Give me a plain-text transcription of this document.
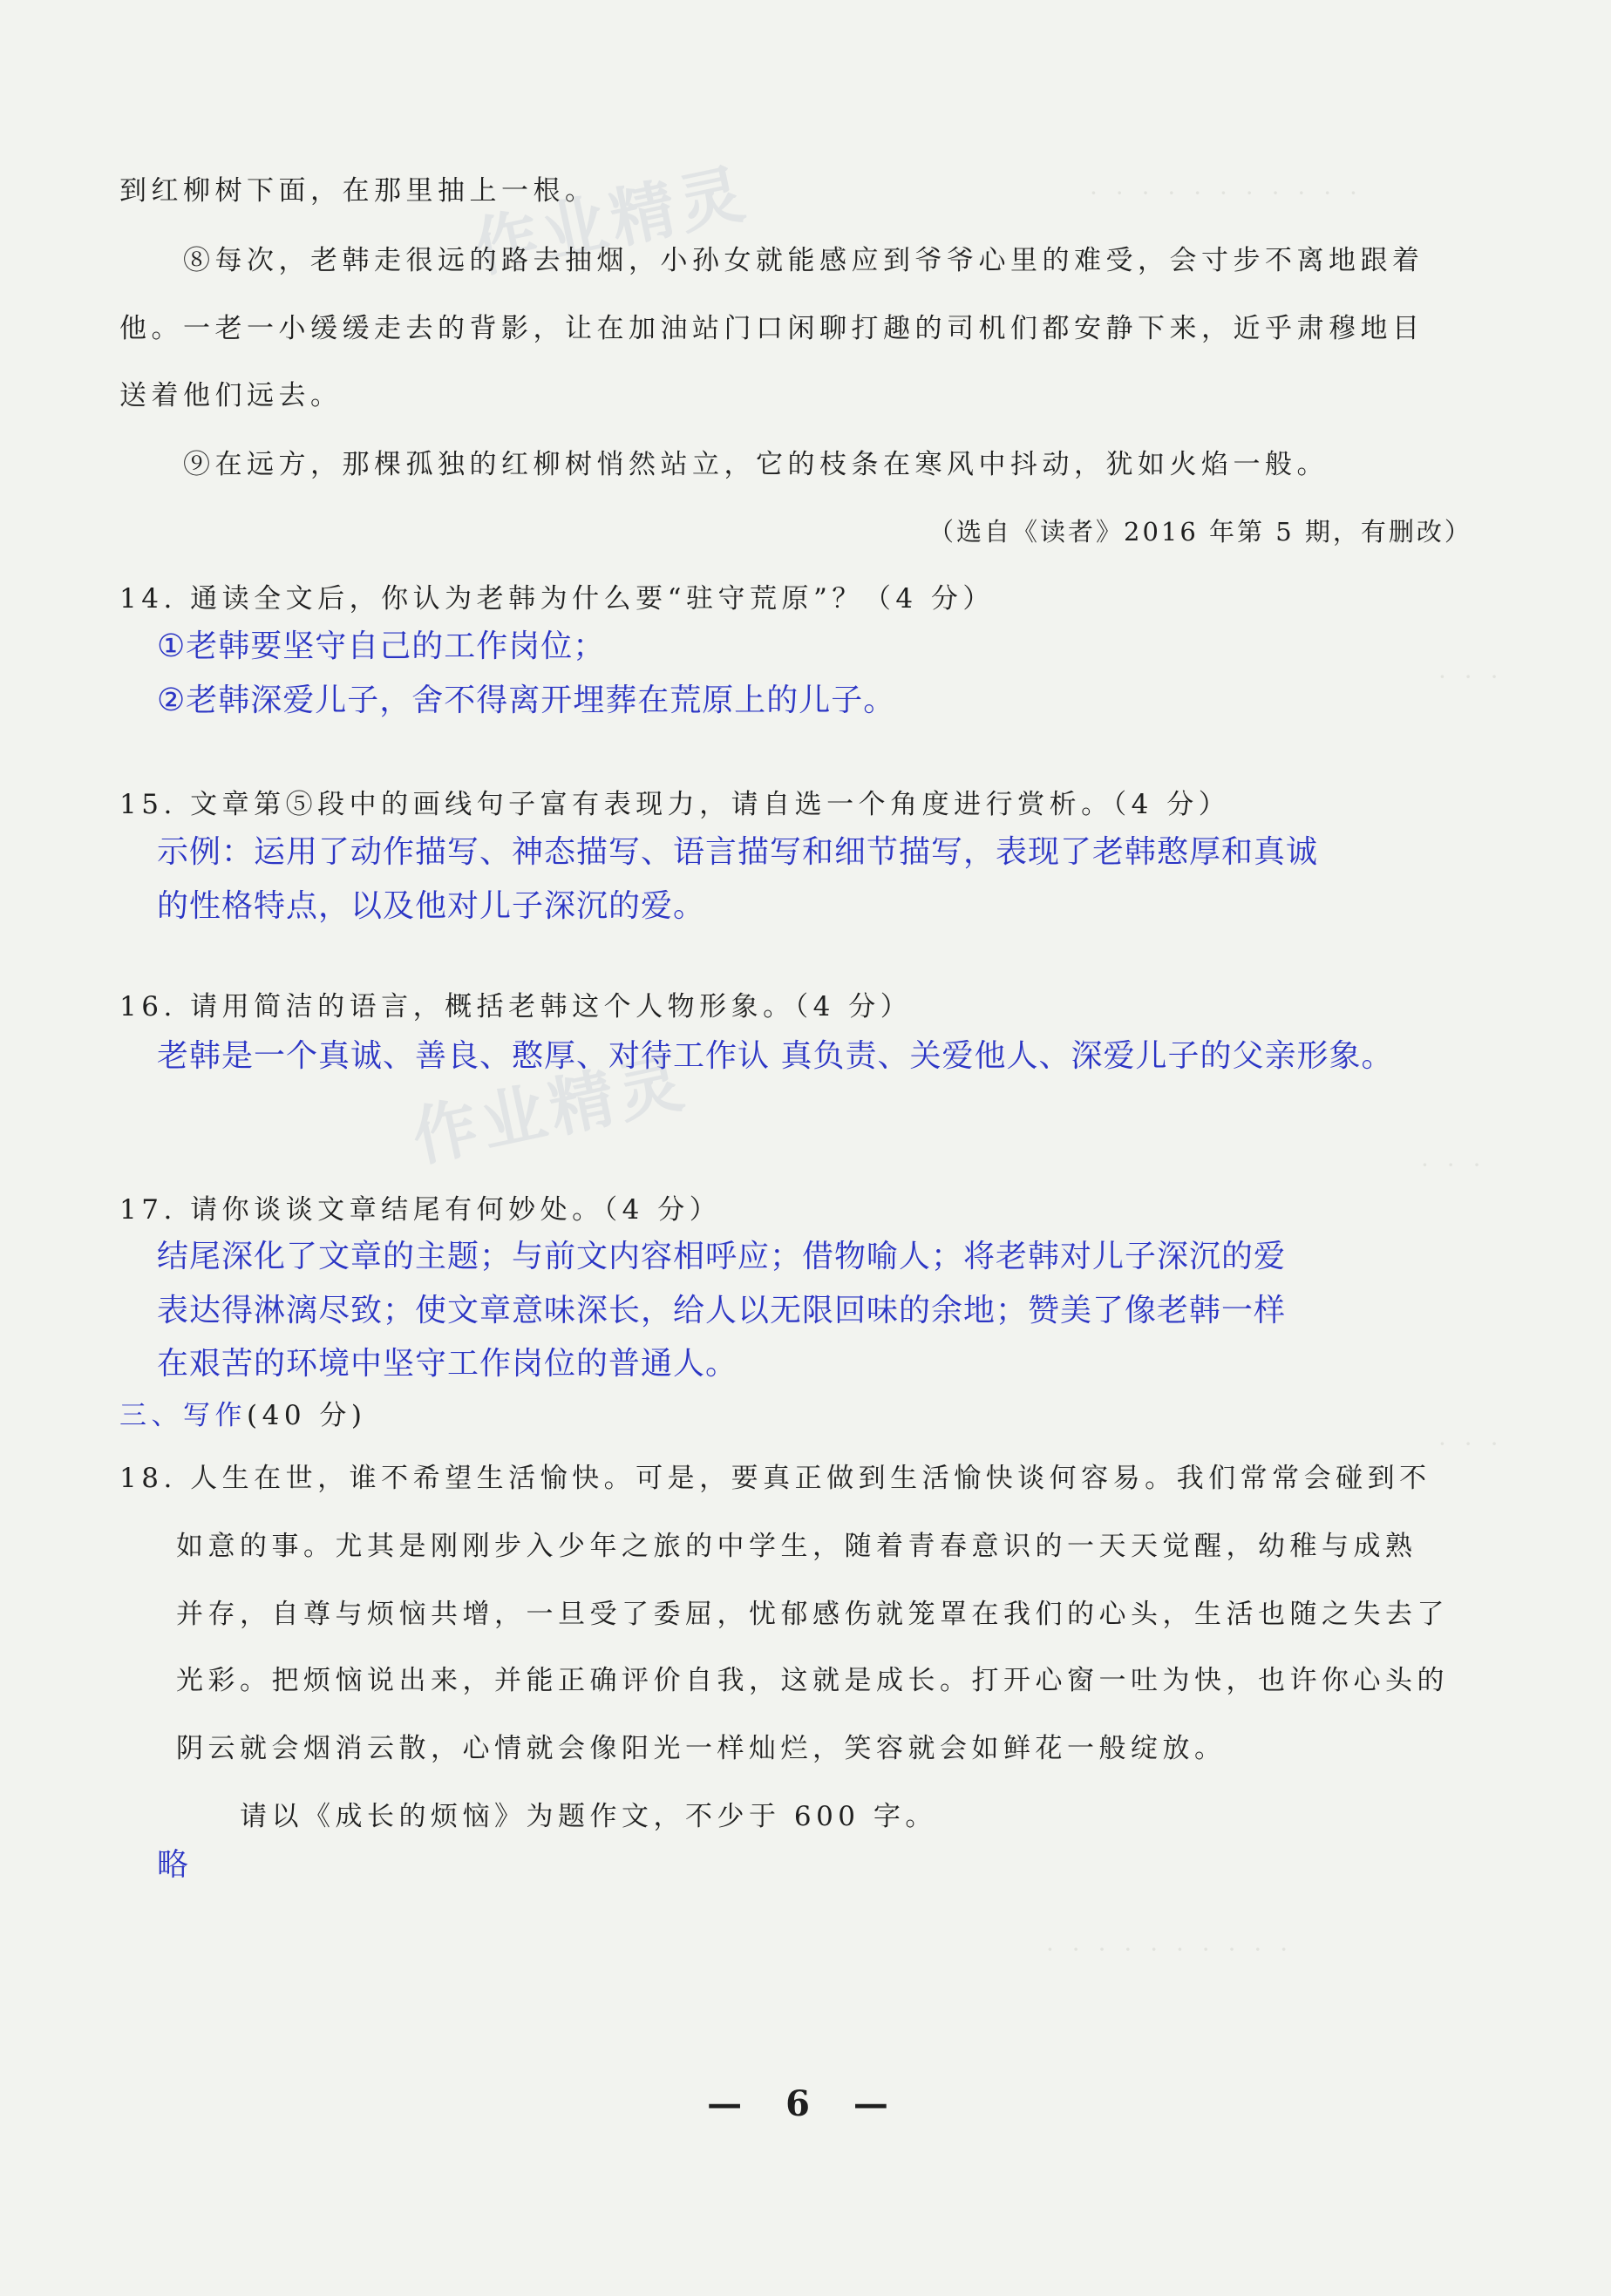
· · · · · · · · · · ·
· · ·
· · ·
· · ·
· · · · · · · · · ·
作业精灵
作业精灵
到红柳树下面，在那里抽上一根。
⑧每次，老韩走很远的路去抽烟，小孙女就能感应到爷爷心里的难受，会寸步不离地跟着
他。一老一小缓缓走去的背影，让在加油站门口闲聊打趣的司机们都安静下来，近乎肃穆地目
送着他们远去。
⑨在远方，那棵孤独的红柳树悄然站立，它的枝条在寒风中抖动，犹如火焰一般。
（选自《读者》2016 年第 5 期，有删改）
14. 通读全文后，你认为老韩为什么要“驻守荒原”？（4 分）
①老韩要坚守自己的工作岗位；
②老韩深爱儿子，舍不得离开埋葬在荒原上的儿子。
15. 文章第⑤段中的画线句子富有表现力，请自选一个角度进行赏析。（4 分）
示例：运用了动作描写、神态描写、语言描写和细节描写，表现了老韩憨厚和真诚
的性格特点，以及他对儿子深沉的爱。
16. 请用简洁的语言，概括老韩这个人物形象。（4 分）
老韩是一个真诚、善良、憨厚、对待工作认 真负责、关爱他人、深爱儿子的父亲形象。
17. 请你谈谈文章结尾有何妙处。（4 分）
结尾深化了文章的主题；与前文内容相呼应；借物喻人；将老韩对儿子深沉的爱
表达得淋漓尽致；使文章意味深长，给人以无限回味的余地；赞美了像老韩一样
在艰苦的环境中坚守工作岗位的普通人。
三、写作(40 分)
18. 人生在世，谁不希望生活愉快。可是，要真正做到生活愉快谈何容易。我们常常会碰到不
如意的事。尤其是刚刚步入少年之旅的中学生，随着青春意识的一天天觉醒，幼稚与成熟
并存，自尊与烦恼共增，一旦受了委屈，忧郁感伤就笼罩在我们的心头，生活也随之失去了
光彩。把烦恼说出来，并能正确评价自我，这就是成长。打开心窗一吐为快，也许你心头的
阴云就会烟消云散，心情就会像阳光一样灿烂，笑容就会如鲜花一般绽放。
请以《成长的烦恼》为题作文，不少于 600 字。
略
— 6 —
